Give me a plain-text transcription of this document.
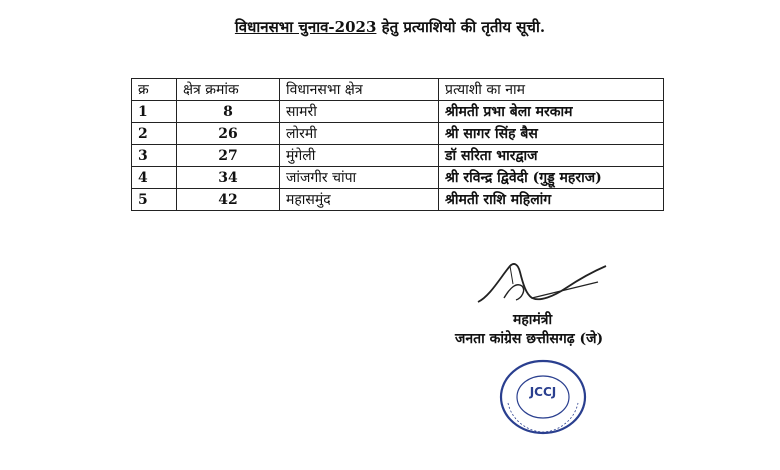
विधानसभा चुनाव-2023 हेतु प्रत्याशियो की तृतीय सूची.
क्र	क्षेत्र क्रमांक	विधानसभा क्षेत्र	प्रत्याशी का नाम
1	8	सामरी	श्रीमती प्रभा बेला मरकाम
2	26	लोरमी	श्री सागर सिंह बैस
3	27	मुंगेली	डॉ सरिता भारद्वाज
4	34	जांजगीर चांपा	श्री रविन्द्र द्विवेदी (गुड्डू महराज)
5	42	महासमुंद	श्रीमती राशि महिलांग
महामंत्री
जनता कांग्रेस छत्तीसगढ़ (जे)
JCCJ
